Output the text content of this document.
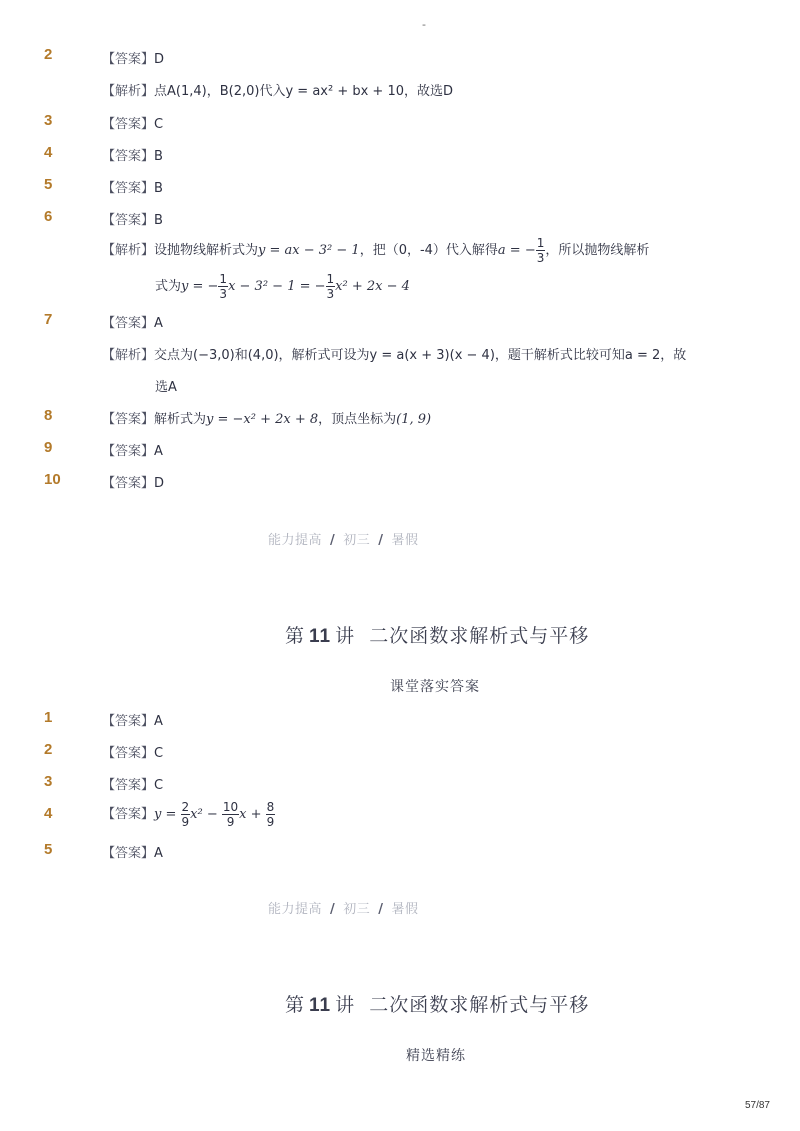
-
2	【答案】D
【解析】点A(1,4)，B(2,0)代入y = ax² + bx + 10，故选D
3	【答案】C
4	【答案】B
5	【答案】B
6	【答案】B
【解析】设抛物线解析式为y = ax − 3² − 1，把（0，-4）代入解得a = − $\frac{1}{3}$ ，所以抛物线解析
式为y = − $\frac{1}{3}$ x − 3² − 1 = − $\frac{1}{3} x^2 + 2x - 4$
7	【答案】A
【解析】交点为(−3,0)和(4,0)，解析式可设为y = a(x + 3)(x − 4)，题干解析式比较可知a = 2，故
选A
8	【答案】解析式为y = −x² + 2x + 8，顶点坐标为(1, 9)
9	【答案】A
10	【答案】D
能力提高 / 初三 / 暑假
第 11 讲 二次函数求解析式与平移
课堂落实答案
1	【答案】A
2	【答案】C
3	【答案】C
4	【答案】$y = \frac{2}{9} x^2 - \frac{10}{9}$ $x + \frac{8}{9}$
5	【答案】A
能力提高 / 初三 / 暑假
第 11 讲 二次函数求解析式与平移
精选精练
57/87
